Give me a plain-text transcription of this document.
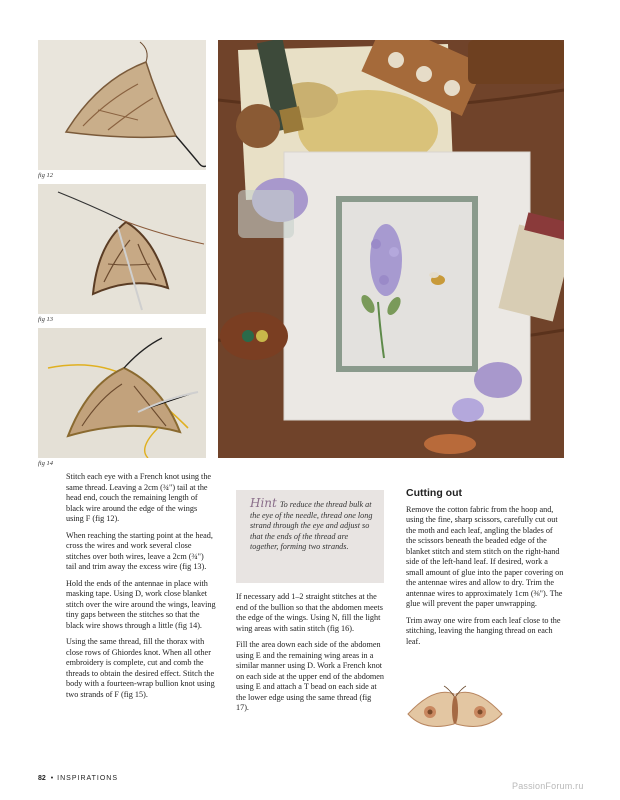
fig 12
fig 13
fig 14

Stitch each eye with a French knot using the same thread. Leaving a 2cm (¾") tail at the head end, couch the remaining length of black wire around the edge of the wings using F (fig 12).

When reaching the starting point at the head, cross the wires and work several close stitches over both wires, leave a 2cm (¾") tail and trim away the excess wire (fig 13).

Hold the ends of the antennae in place with masking tape. Using D, work close blanket stitch over the wire around the wings, leaving tiny gaps between the stitches so that the black wire shows through a little (fig 14).

Using the same thread, fill the thorax with close rows of Ghiordes knot. When all other embroidery is complete, cut and comb the threads to obtain the desired effect. Stitch the body with a fourteen-wrap bullion knot using two strands of F (fig 15).

Hint To reduce the thread bulk at the eye of the needle, thread one long strand through the eye and adjust so that the ends of the thread are together, forming two strands.

If necessary add 1–2 straight stitches at the end of the bullion so that the abdomen meets the edge of the wings. Using N, fill the light wing areas with satin stitch (fig 16).

Fill the area down each side of the abdomen using E and the remaining wing areas in a similar manner using D. Work a French knot on each side at the upper end of the abdomen using E and attach a T bead on each side at the lower edge using the same thread (fig 17).

Cutting out

Remove the cotton fabric from the hoop and, using the fine, sharp scissors, carefully cut out the moth and each leaf, angling the blades of the scissors beneath the beaded edge of the blanket stitch and stem stitch on the right-hand side of the left-hand leaf. If desired, work a small amount of glue into the paper covering on the antennae wires and allow to dry. Trim the antennae wires to approximately 1cm (⅜"). The glue will prevent the paper unwrapping.

Trim away one wire from each leaf close to the stitching, leaving the hanging thread on each leaf.

82 • INSPIRATIONS
PassionForum.ru
